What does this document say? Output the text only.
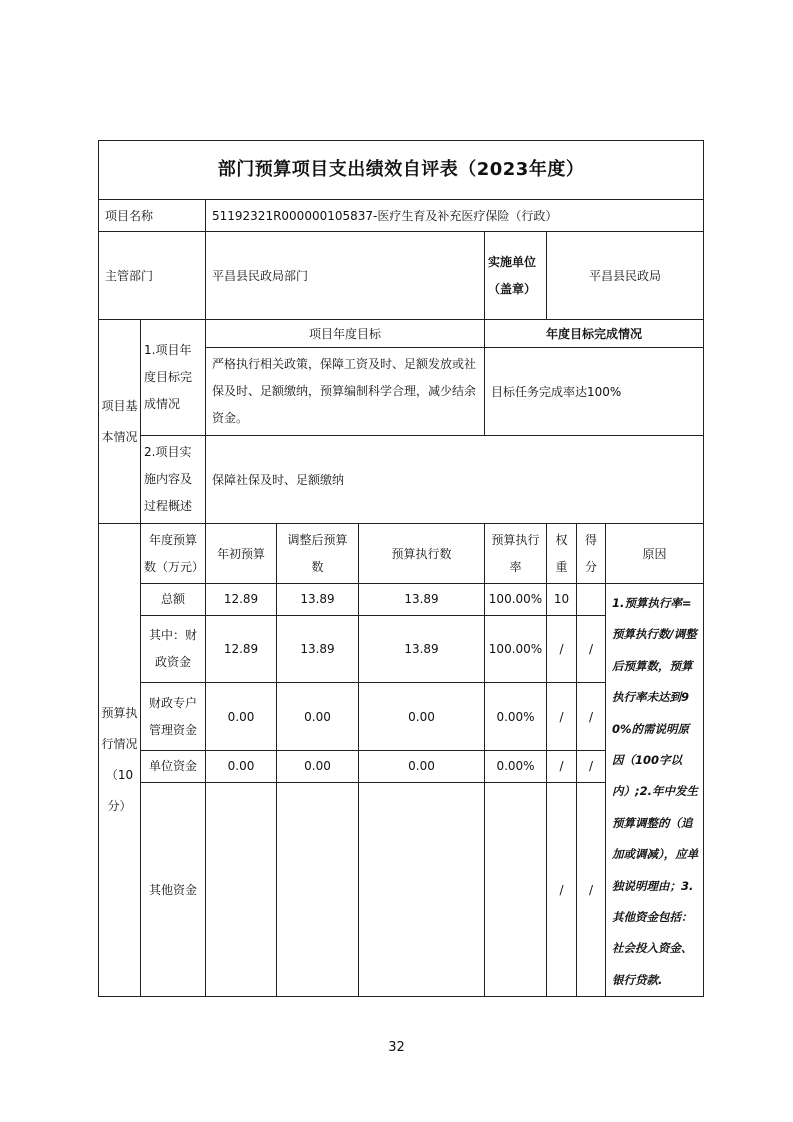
部门预算项目支出绩效自评表（2023年度）								
项目名称		51192321R000000105837-医疗生育及补充医疗保险（行政）						
主管部门		平昌县民政局部门			实施单位（盖章）	平昌县民政局		
项目基本情况	1.项目年度目标完成情况	项目年度目标			年度目标完成情况			
		严格执行相关政策，保障工资及时、足额发放或社保及时、足额缴纳，预算编制科学合理，减少结余资金。			目标任务完成率达100%			
	2.项目实施内容及过程概述	保障社保及时、足额缴纳						

预算执行情况（10分）	年度预算数（万元）	年初预算	调整后预算数	预算执行数	预算执行率	权重	得分	原因
	总额	12.89	13.89	13.89	100.00%	10		1.预算执行率=预算执行数/调整后预算数，预算执行率未达到90%的需说明原因（100字以内）;2.年中发生预算调整的（追加或调减），应单独说明理由；3.其他资金包括：社会投入资金、银行贷款.
	其中：财政资金	12.89	13.89	13.89	100.00%	/	/	
	财政专户管理资金	0.00	0.00	0.00	0.00%	/	/	
	单位资金	0.00	0.00	0.00	0.00%	/	/	
	其他资金					/	/	
32
